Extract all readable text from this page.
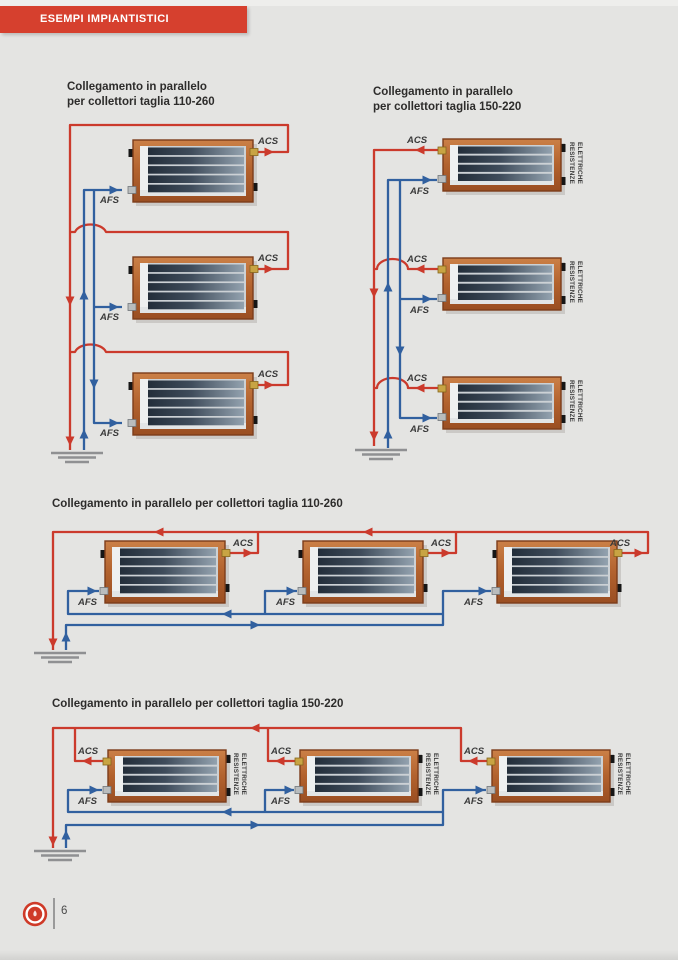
ESEMPI IMPIANTISTICI
Collegamento in parallelo
per collettori taglia 110-260
Collegamento in parallelo
per collettori taglia 150-220
Collegamento in parallelo per collettori taglia 110-260
Collegamento in parallelo per collettori taglia 150-220
ACS
ACS
ACS
AFS
AFS
AFS
ACS
ACS
ACS
AFS
AFS
AFS
RESISTENZE ELETTRICHE
RESISTENZE ELETTRICHE
RESISTENZE ELETTRICHE
ACS	ACS	ACS
AFS	AFS	AFS
ACS	ACS	ACS
AFS	AFS	AFS
RESISTENZE ELETTRICHE	RESISTENZE ELETTRICHE	RESISTENZE ELETTRICHE
6
